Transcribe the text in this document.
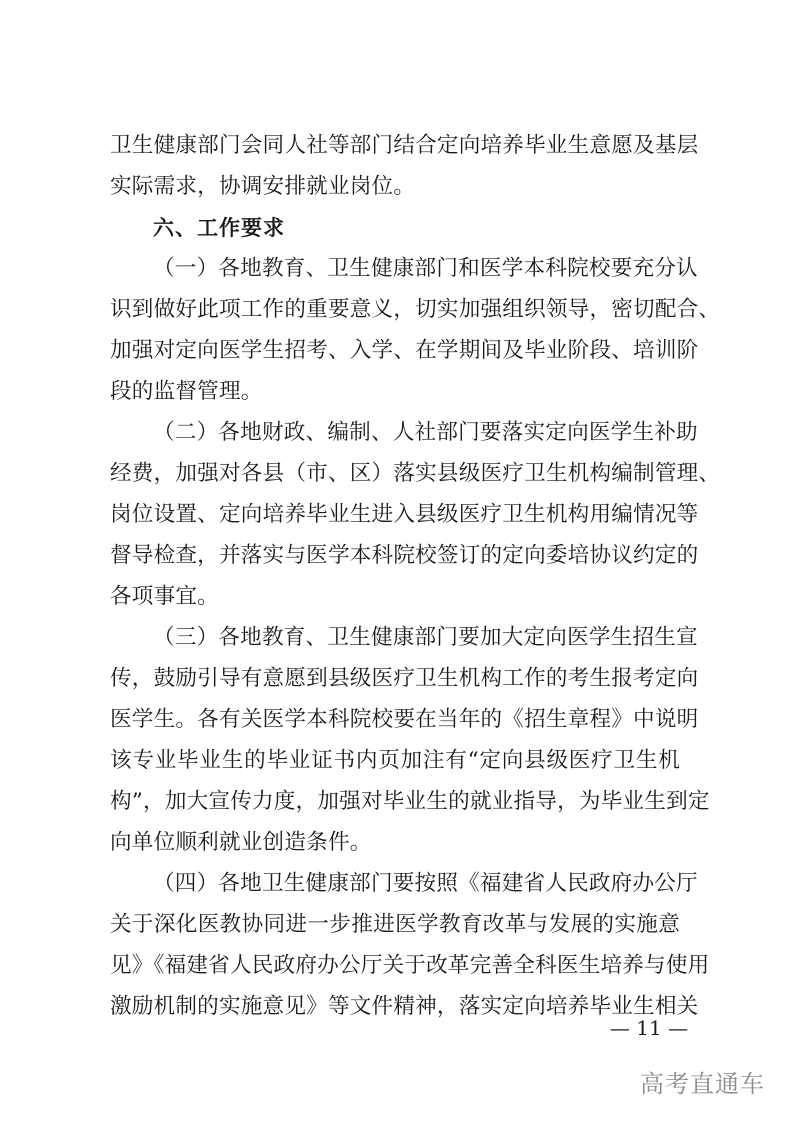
卫生健康部门会同人社等部门结合定向培养毕业生意愿及基层
实际需求，协调安排就业岗位。
六、工作要求
（一）各地教育、卫生健康部门和医学本科院校要充分认
识到做好此项工作的重要意义，切实加强组织领导，密切配合、
加强对定向医学生招考、入学、在学期间及毕业阶段、培训阶
段的监督管理。
（二）各地财政、编制、人社部门要落实定向医学生补助
经费，加强对各县（市、区）落实县级医疗卫生机构编制管理、
岗位设置、定向培养毕业生进入县级医疗卫生机构用编情况等
督导检查，并落实与医学本科院校签订的定向委培协议约定的
各项事宜。
（三）各地教育、卫生健康部门要加大定向医学生招生宣
传，鼓励引导有意愿到县级医疗卫生机构工作的考生报考定向
医学生。各有关医学本科院校要在当年的《招生章程》中说明
该专业毕业生的毕业证书内页加注有“定向县级医疗卫生机
构”，加大宣传力度，加强对毕业生的就业指导，为毕业生到定
向单位顺利就业创造条件。
（四）各地卫生健康部门要按照《福建省人民政府办公厅
关于深化医教协同进一步推进医学教育改革与发展的实施意
见》《福建省人民政府办公厅关于改革完善全科医生培养与使用
激励机制的实施意见》等文件精神，落实定向培养毕业生相关
— 11 —
高考直通车
